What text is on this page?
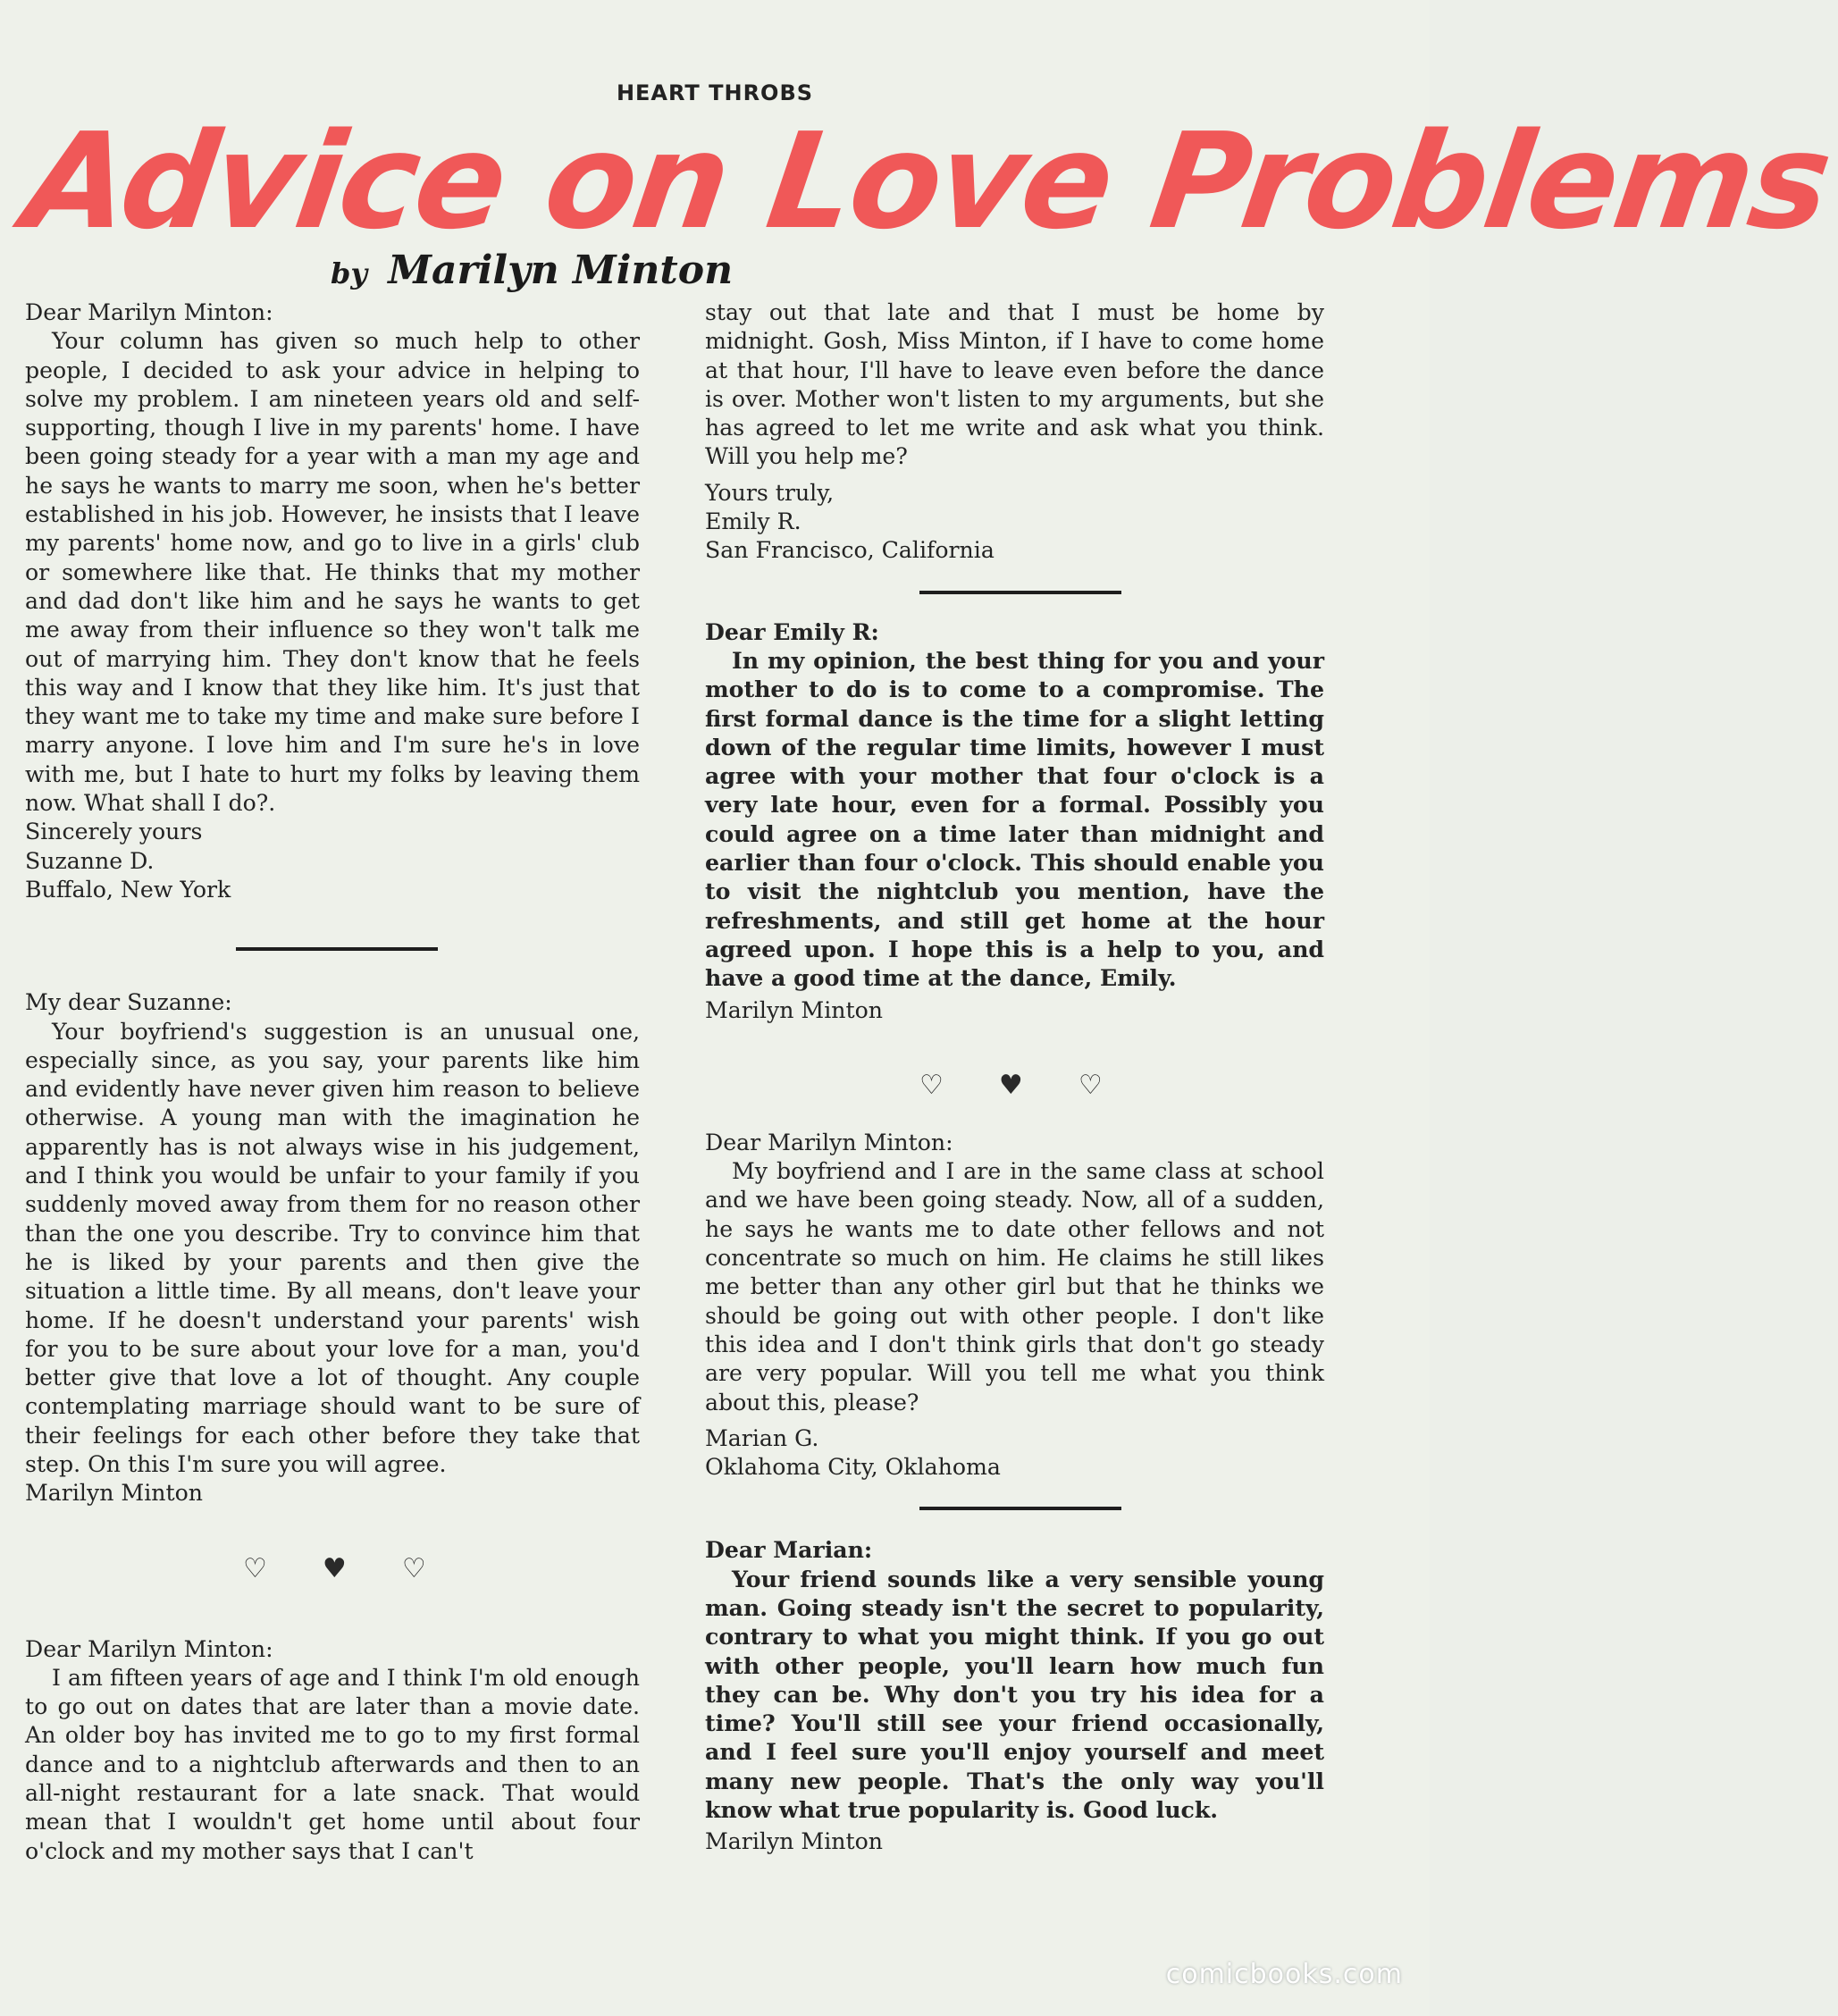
HEART THROBS
Advice on Love Problems
by Marilyn Minton

Dear Marilyn Minton:

Your column has given so much help to other people, I decided to ask your advice in helping to solve my problem. I am nineteen years old and self-supporting, though I live in my parents' home. I have been going steady for a year with a man my age and he says he wants to marry me soon, when he's better established in his job. However, he insists that I leave my parents' home now, and go to live in a girls' club or somewhere like that. He thinks that my mother and dad don't like him and he says he wants to get me away from their influence so they won't talk me out of marrying him. They don't know that he feels this way and I know that they like him. It's just that they want me to take my time and make sure before I marry anyone. I love him and I'm sure he's in love with me, but I hate to hurt my folks by leaving them now. What shall I do?.

Sincerely yours

Suzanne D.

Buffalo, New York

My dear Suzanne:

Your boyfriend's suggestion is an unusual one, especially since, as you say, your parents like him and evidently have never given him reason to believe otherwise. A young man with the imagination he apparently has is not always wise in his judgement, and I think you would be unfair to your family if you suddenly moved away from them for no reason other than the one you describe. Try to convince him that he is liked by your parents and then give the situation a little time. By all means, don't leave your home. If he doesn't understand your parents' wish for you to be sure about your love for a man, you'd better give that love a lot of thought. Any couple contemplating marriage should want to be sure of their feelings for each other before they take that step. On this I'm sure you will agree.

Marilyn Minton

♡ ♥ ♡

Dear Marilyn Minton:

I am fifteen years of age and I think I'm old enough to go out on dates that are later than a movie date. An older boy has invited me to go to my first formal dance and to a nightclub afterwards and then to an all-night restaurant for a late snack. That would mean that I wouldn't get home until about four o'clock and my mother says that I can't

stay out that late and that I must be home by midnight. Gosh, Miss Minton, if I have to come home at that hour, I'll have to leave even before the dance is over. Mother won't listen to my arguments, but she has agreed to let me write and ask what you think. Will you help me?

Yours truly,

Emily R.

San Francisco, California

Dear Emily R:

In my opinion, the best thing for you and your mother to do is to come to a compromise. The first formal dance is the time for a slight letting down of the regular time limits, however I must agree with your mother that four o'clock is a very late hour, even for a formal. Possibly you could agree on a time later than midnight and earlier than four o'clock. This should enable you to visit the nightclub you mention, have the refreshments, and still get home at the hour agreed upon. I hope this is a help to you, and have a good time at the dance, Emily.

Marilyn Minton

♡ ♥ ♡

Dear Marilyn Minton:

My boyfriend and I are in the same class at school and we have been going steady. Now, all of a sudden, he says he wants me to date other fellows and not concentrate so much on him. He claims he still likes me better than any other girl but that he thinks we should be going out with other people. I don't like this idea and I don't think girls that don't go steady are very popular. Will you tell me what you think about this, please?

Marian G.

Oklahoma City, Oklahoma

Dear Marian:

Your friend sounds like a very sensible young man. Going steady isn't the secret to popularity, contrary to what you might think. If you go out with other people, you'll learn how much fun they can be. Why don't you try his idea for a time? You'll still see your friend occasionally, and I feel sure you'll enjoy yourself and meet many new people. That's the only way you'll know what true popularity is. Good luck.

Marilyn Minton

comicbooks.com
